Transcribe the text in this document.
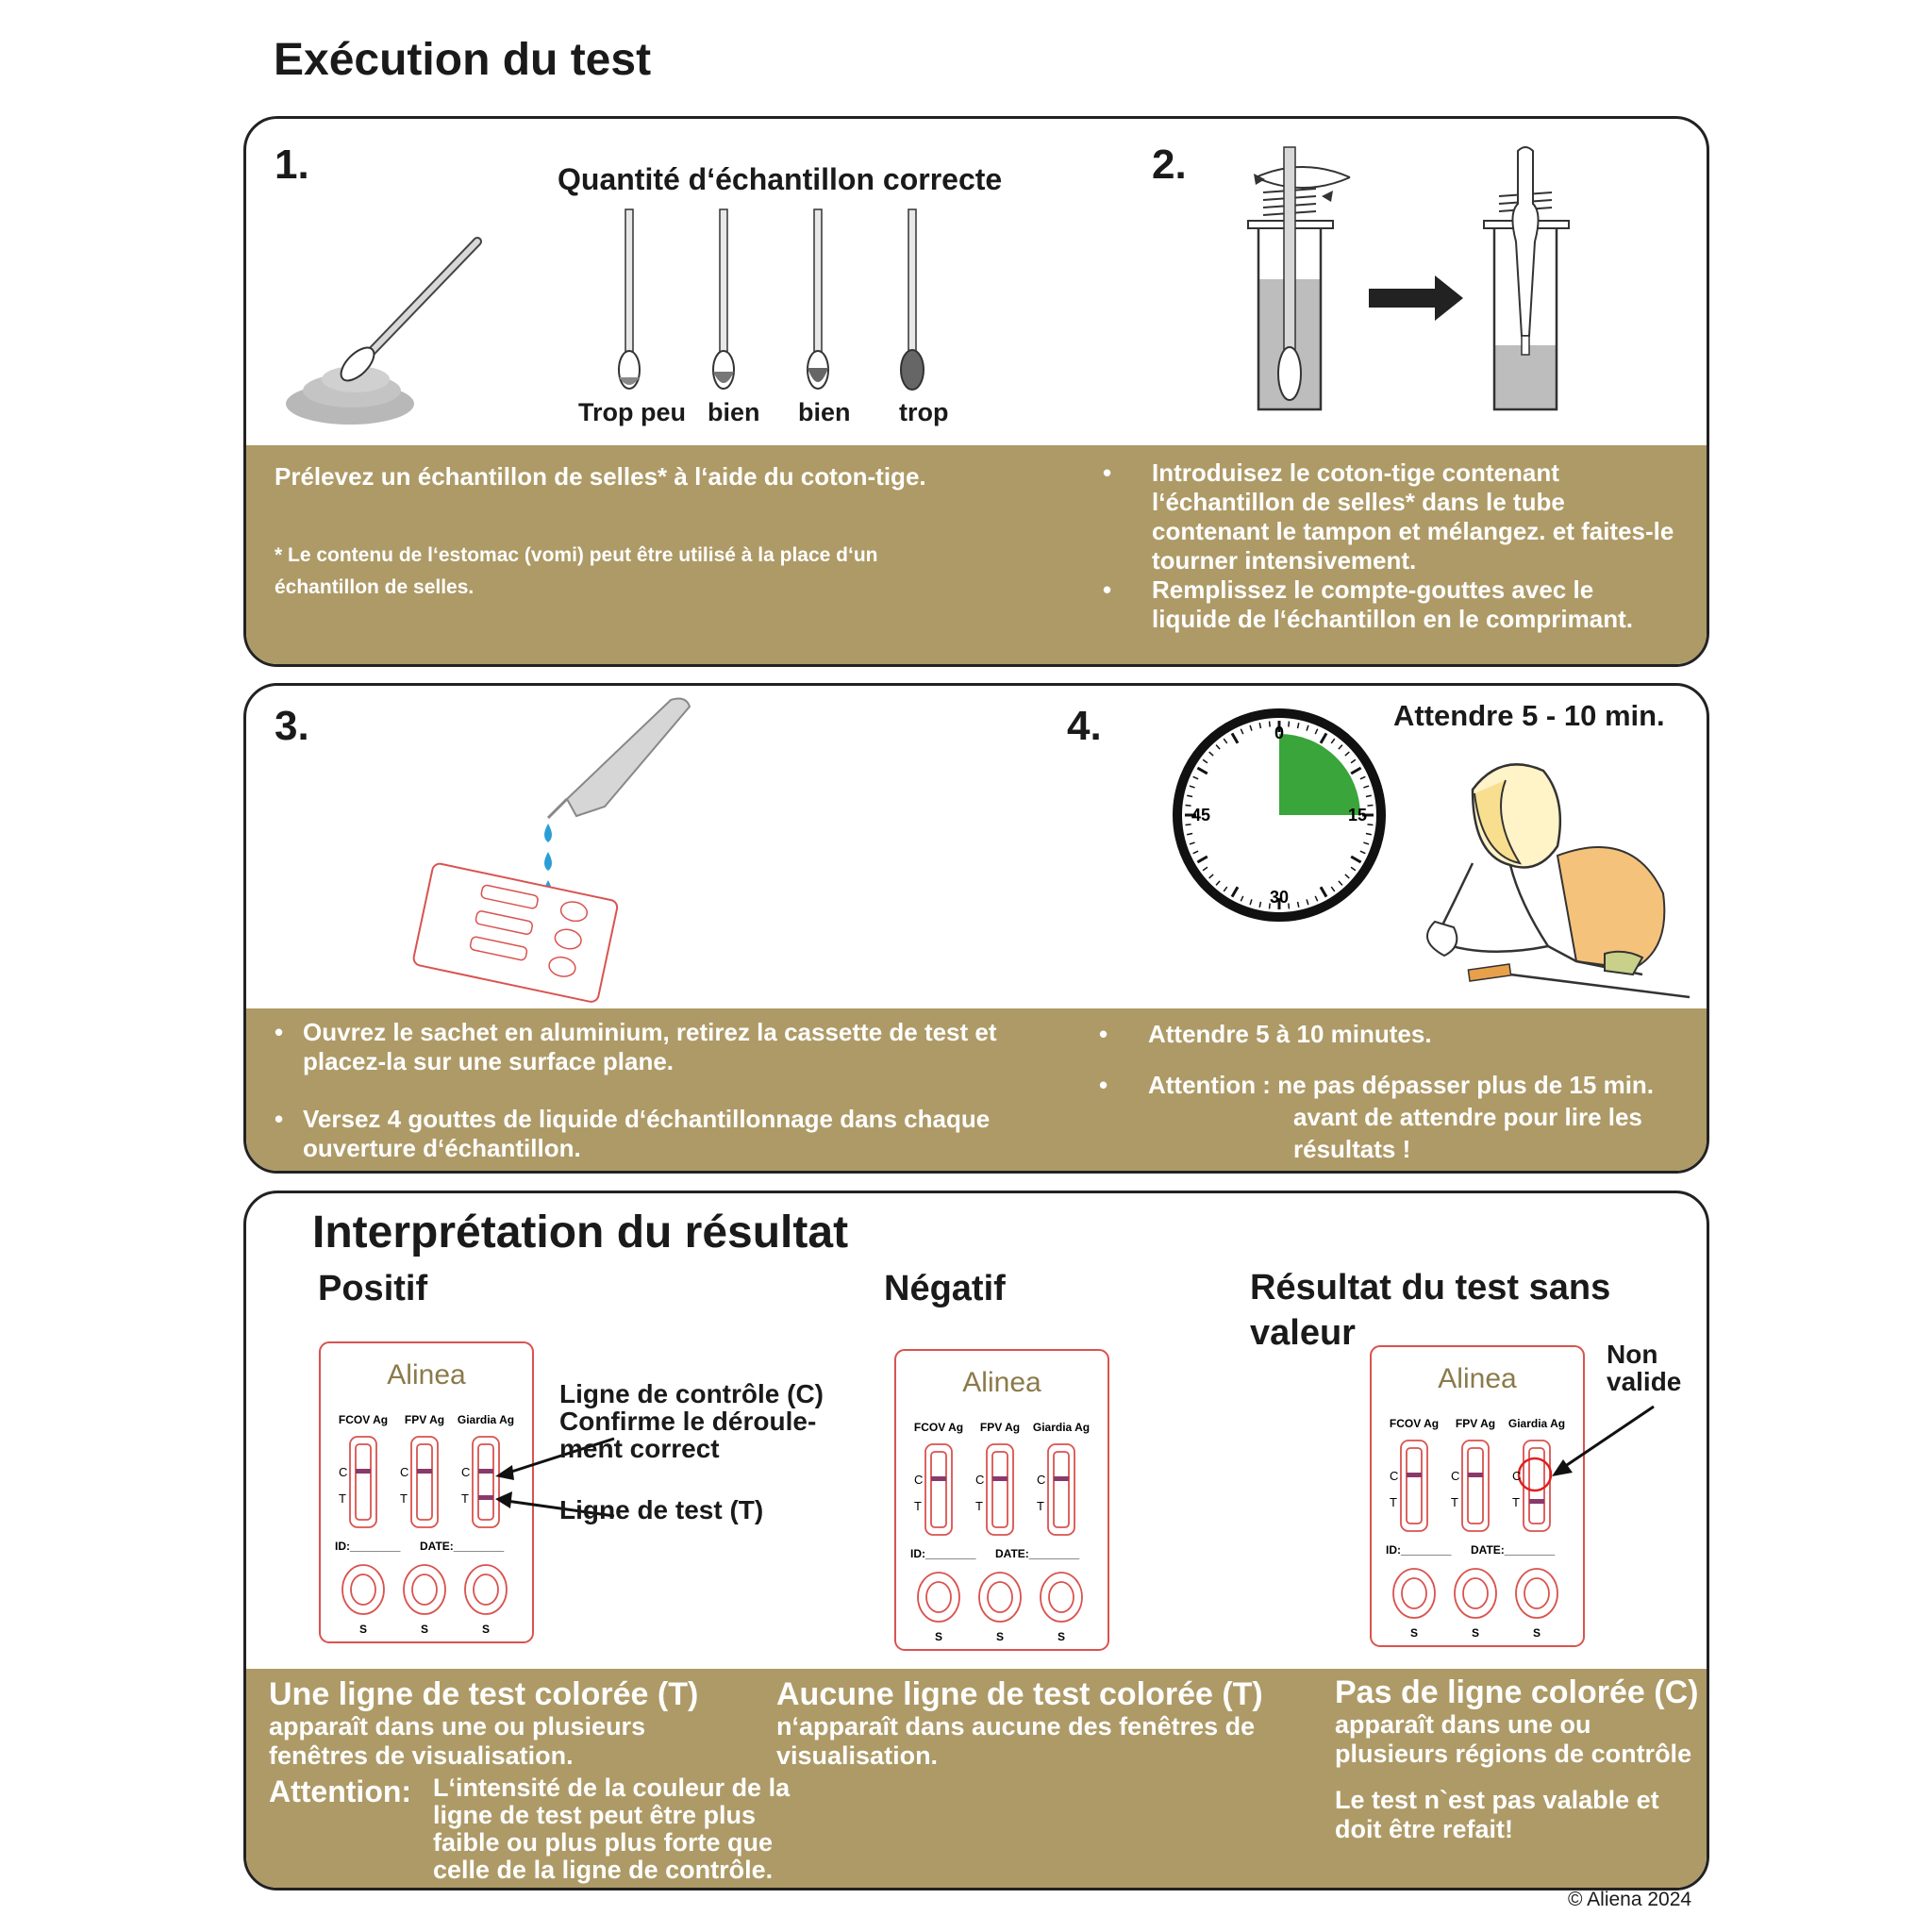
Exécution du test
1.	Quantité d‘échantillon correcte
Trop peu bien bien trop
2.
Prélevez un échantillon de selles* à l‘aide du coton-tige.
* Le contenu de l‘estomac (vomi) peut être utilisé à la place d‘un échantillon de selles.
• Introduisez le coton-tige contenant l‘échantillon de selles* dans le tube contenant le tampon et mélangez. et faites-le tourner intensivement.
• Remplissez le compte-gouttes avec le liquide de l‘échantillon en le comprimant.
3.	4.	Attendre 5 - 10 min.
0
15
30
45
• Ouvrez le sachet en aluminium, retirez la cassette de test et placez-la sur une surface plane.
• Versez 4 gouttes de liquide d‘échantillonnage dans chaque ouverture d‘échantillon.
• Attendre 5 à 10 minutes.
• Attention : ne pas dépasser plus de 15 min.
avant de attendre pour lire les résultats !
Interprétation du résultat
Positif	Négatif	Résultat du test sans valeur
Alinea
FCOV Ag FPV Ag Giardia Ag
C
T
C
T
C
T
ID:________ DATE:________
S	S	S
Ligne de contrôle (C)
Confirme le déroule-
ment correct
Ligne de test (T)
Alinea
FCOV Ag FPV Ag Giardia Ag
C
T
C
T
C
T
ID:________ DATE:________
S	S	S
Alinea
FCOV Ag FPV Ag Giardia Ag
C
T
C
T
C
T
ID:________ DATE:________
S	S	S
Non valide
Une ligne de test colorée (T)
apparaît dans une ou plusieurs fenêtres de visualisation.
Attention: L‘intensité de la couleur de la ligne de test peut être plus faible ou plus plus forte que celle de la ligne de contrôle.
Aucune ligne de test colorée (T)
n‘apparaît dans aucune des fenêtres de visualisation.
Pas de ligne colorée (C)
apparaît dans une ou plusieurs régions de contrôle
Le test n`est pas valable et doit être refait!
© Aliena 2024
